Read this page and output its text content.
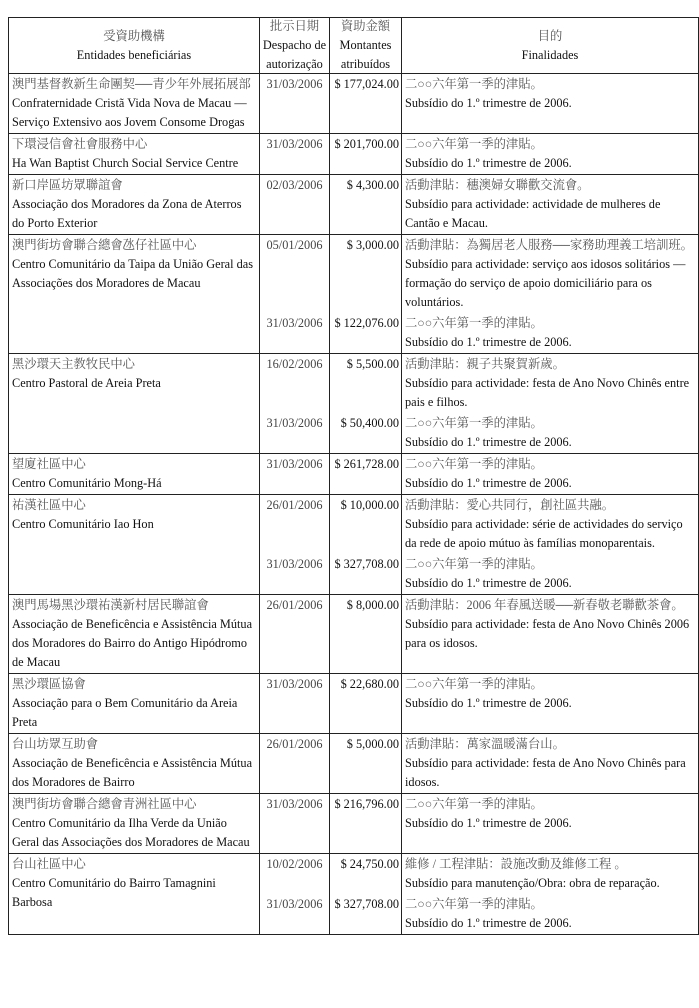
受資助機構
Entidades beneficiárias
批示日期
Despacho de autorização
資助金額
Montantes atribuídos
目的
Finalidades
澳門基督教新生命團契──青少年外展拓展部
Confraternidade Cristã Vida Nova de Macau — Serviço Extensivo aos Jovem Consome Drogas
31/03/2006 $ 177,024.00 二○○六年第一季的津貼。
Subsídio do 1.º trimestre de 2006.
下環浸信會社會服務中心
Ha Wan Baptist Church Social Service Centre
31/03/2006 $ 201,700.00 二○○六年第一季的津貼。
Subsídio do 1.º trimestre de 2006.
新口岸區坊眾聯誼會
Associação dos Moradores da Zona de Aterros do Porto Exterior
02/03/2006	$ 4,300.00 活動津貼：穗澳婦女聯歡交流會。
Subsídio para actividade: actividade de mulheres de Cantão e Macau.
澳門街坊會聯合總會氹仔社區中心
Centro Comunitário da Taipa da União Geral das Associações dos Moradores de Macau
05/01/2006	$ 3,000.00 活動津貼：為獨居老人服務──家務助理義工培訓班。
Subsídio para actividade: serviço aos idosos solitários — formação do serviço de apoio domiciliário para os voluntários.
31/03/2006 $ 122,076.00 二○○六年第一季的津貼。
Subsídio do 1.º trimestre de 2006.
黑沙環天主教牧民中心
Centro Pastoral de Areia Preta
16/02/2006	$ 5,500.00 活動津貼：親子共聚賀新歲。
Subsídio para actividade: festa de Ano Novo Chinês entre pais e filhos.
31/03/2006	$ 50,400.00 二○○六年第一季的津貼。
Subsídio do 1.º trimestre de 2006.
望廈社區中心
Centro Comunitário Mong-Há
31/03/2006 $ 261,728.00 二○○六年第一季的津貼。
Subsídio do 1.º trimestre de 2006.
祐漢社區中心
Centro Comunitário Iao Hon
26/01/2006	$ 10,000.00 活動津貼：愛心共同行，創社區共融。
Subsídio para actividade: série de actividades do serviço da rede de apoio mútuo às famílias monoparentais.
31/03/2006 $ 327,708.00 二○○六年第一季的津貼。
Subsídio do 1.º trimestre de 2006.
澳門馬場黑沙環祐漢新村居民聯誼會
Associação de Beneficência e Assistência Mútua dos Moradores do Bairro do Antigo Hipódromo de Macau
26/01/2006	$ 8,000.00 活動津貼：2006 年春風送暖──新春敬老聯歡茶會。
Subsídio para actividade: festa de Ano Novo Chinês 2006 para os idosos.
黑沙環區協會
Associação para o Bem Comunitário da Areia Preta
31/03/2006	$ 22,680.00 二○○六年第一季的津貼。
Subsídio do 1.º trimestre de 2006.
台山坊眾互助會
Associação de Beneficência e Assistência Mútua dos Moradores de Bairro
26/01/2006	$ 5,000.00 活動津貼：萬家溫暖滿台山。
Subsídio para actividade: festa de Ano Novo Chinês para idosos.
澳門街坊會聯合總會青洲社區中心
Centro Comunitário da Ilha Verde da União Geral das Associações dos Moradores de Macau
31/03/2006 $ 216,796.00 二○○六年第一季的津貼。
Subsídio do 1.º trimestre de 2006.
台山社區中心
Centro Comunitário do Bairro Tamagnini Barbosa
10/02/2006	$ 24,750.00 維修 / 工程津貼：設施改動及維修工程 。
Subsídio para manutenção/Obra: obra de reparação.
31/03/2006 $ 327,708.00 二○○六年第一季的津貼。
Subsídio do 1.º trimestre de 2006.
